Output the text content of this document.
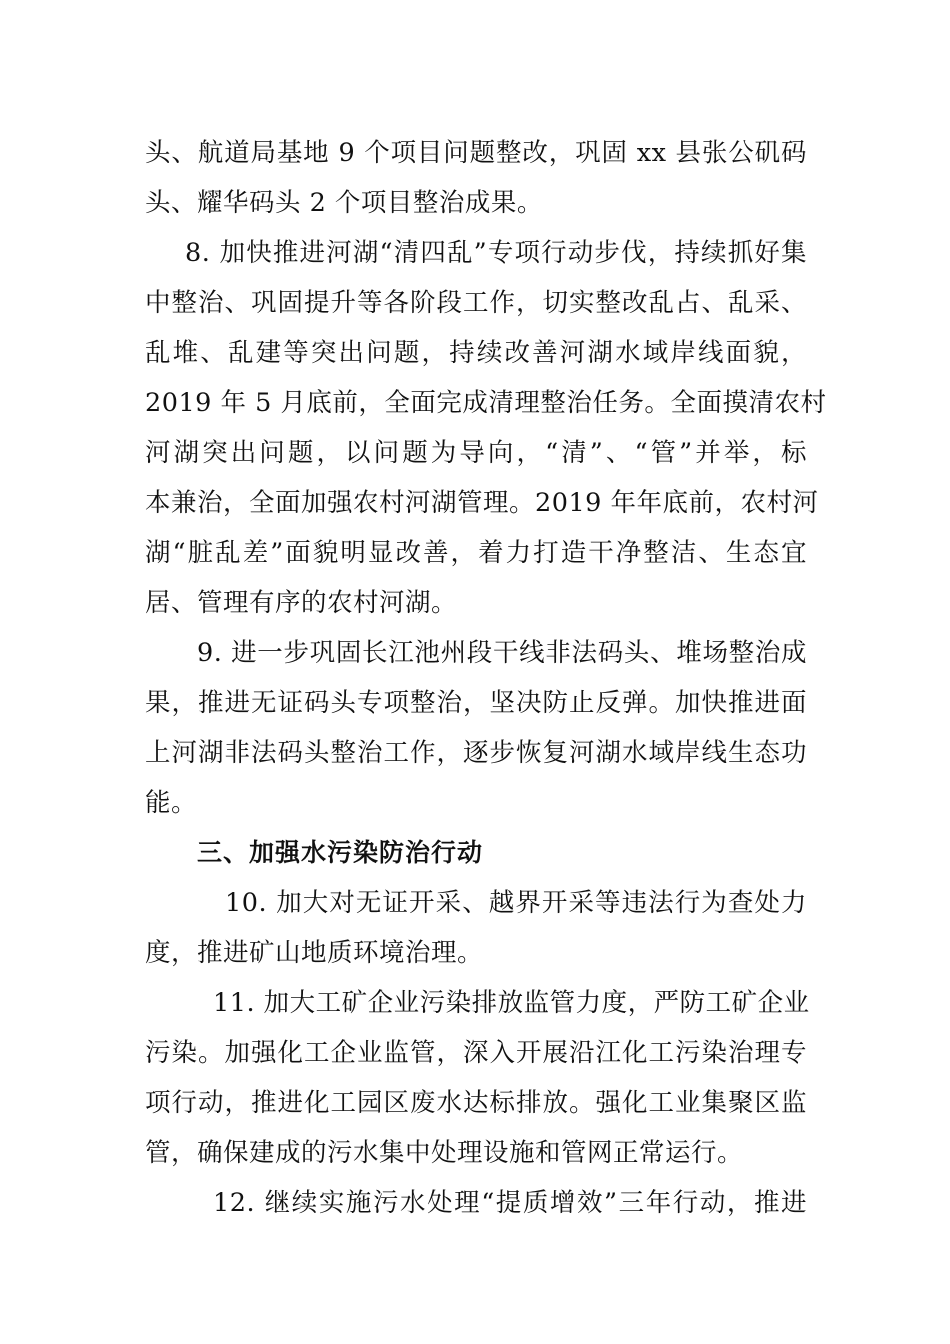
头、航道局基地 9 个项目问题整改，巩固 xx 县张公矶码
头、耀华码头 2 个项目整治成果。
8. 加快推进河湖“清四乱”专项行动步伐，持续抓好集
中整治、巩固提升等各阶段工作，切实整改乱占、乱采、
乱堆、乱建等突出问题，持续改善河湖水域岸线面貌，
2019 年 5 月底前，全面完成清理整治任务。全面摸清农村
河湖突出问题，以问题为导向，“清”、“管”并举，标
本兼治，全面加强农村河湖管理。2019 年年底前，农村河
湖“脏乱差”面貌明显改善，着力打造干净整洁、生态宜
居、管理有序的农村河湖。
9. 进一步巩固长江池州段干线非法码头、堆场整治成
果，推进无证码头专项整治，坚决防止反弹。加快推进面
上河湖非法码头整治工作，逐步恢复河湖水域岸线生态功
能。
三、加强水污染防治行动
10. 加大对无证开采、越界开采等违法行为查处力
度，推进矿山地质环境治理。
11. 加大工矿企业污染排放监管力度，严防工矿企业
污染。加强化工企业监管，深入开展沿江化工污染治理专
项行动，推进化工园区废水达标排放。强化工业集聚区监
管，确保建成的污水集中处理设施和管网正常运行。
12. 继续实施污水处理“提质增效”三年行动，推进
